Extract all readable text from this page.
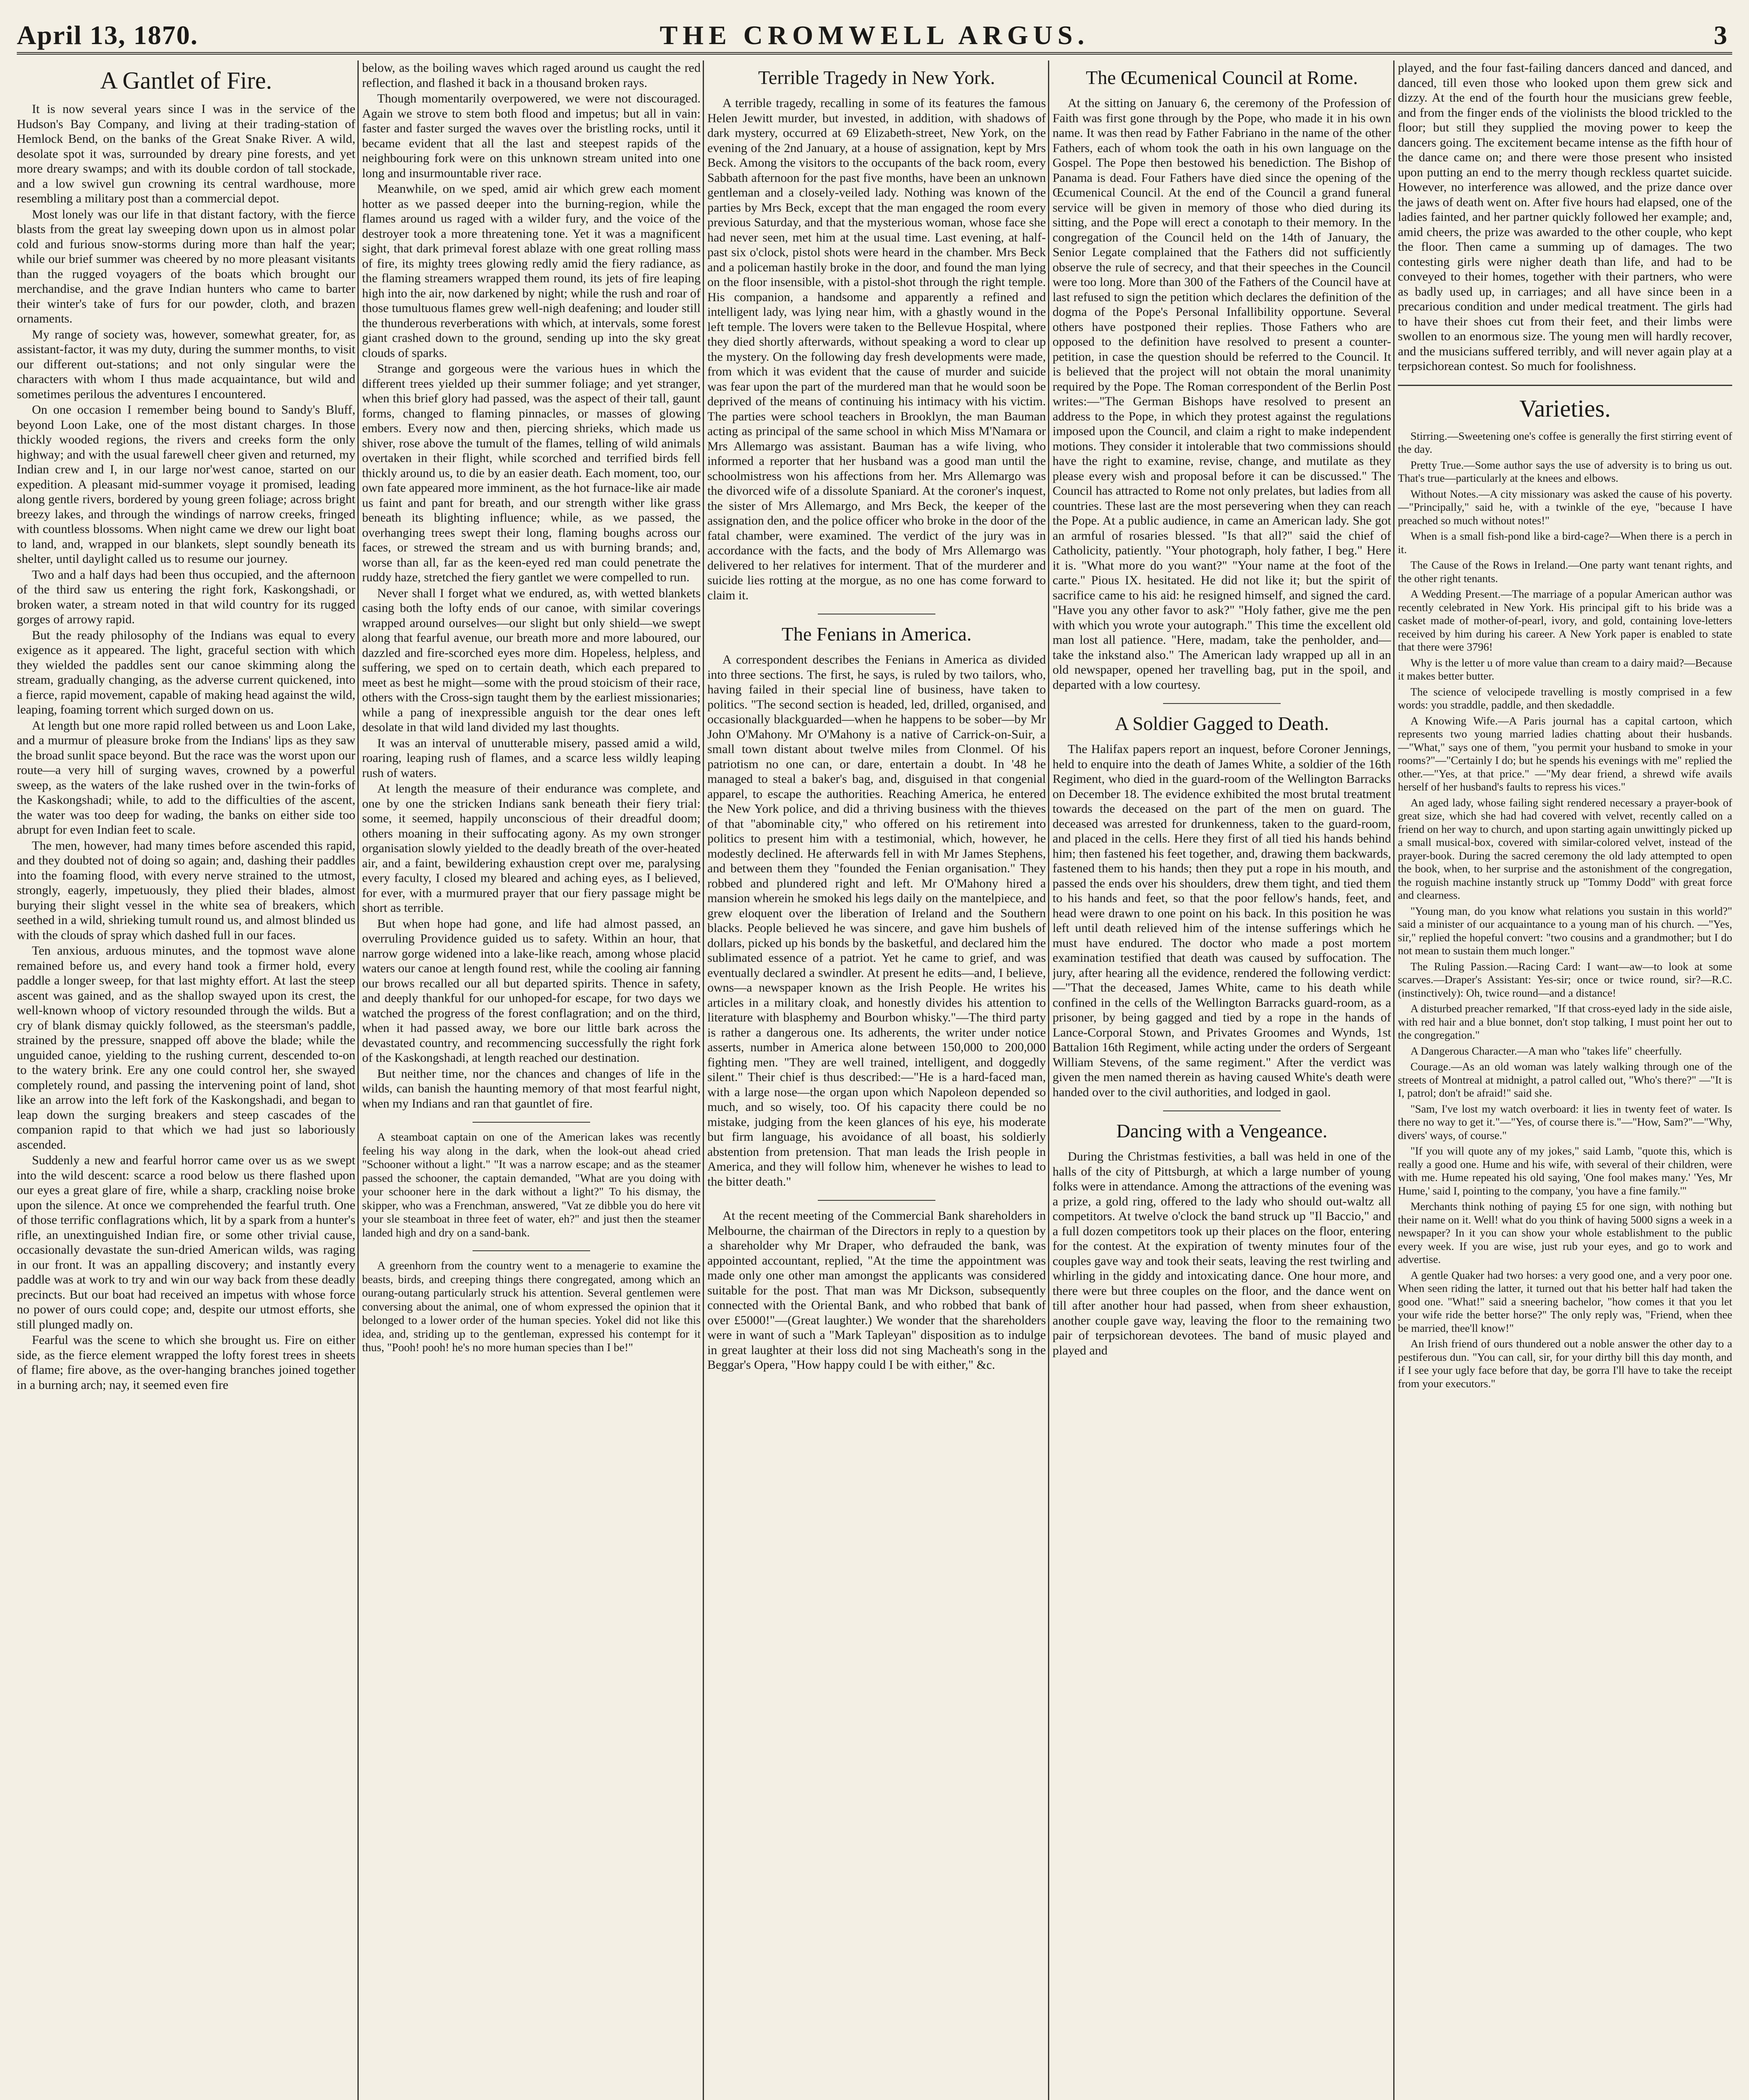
THE CROMWELL ARGUS.
April 13, 1870.	3
A Gantlet of Fire.

It is now several years since I was in the service of the Hudson's Bay Company, and living at their trading-station of Hemlock Bend, on the banks of the Great Snake River. A wild, desolate spot it was, surrounded by dreary pine forests, and yet more dreary swamps; and with its double cordon of tall stockade, and a low swivel gun crowning its central wardhouse, more resembling a military post than a commercial depot.

Most lonely was our life in that distant factory, with the fierce blasts from the great lay sweeping down upon us in almost polar cold and furious snow-storms during more than half the year; while our brief summer was cheered by no more pleasant visitants than the rugged voyagers of the boats which brought our merchandise, and the grave Indian hunters who came to barter their winter's take of furs for our powder, cloth, and brazen ornaments.

My range of society was, however, somewhat greater, for, as assistant-factor, it was my duty, during the summer months, to visit our different out-stations; and not only singular were the characters with whom I thus made acquaintance, but wild and sometimes perilous the adventures I encountered.

On one occasion I remember being bound to Sandy's Bluff, beyond Loon Lake, one of the most distant charges. In those thickly wooded regions, the rivers and creeks form the only highway; and with the usual farewell cheer given and returned, my Indian crew and I, in our large nor'west canoe, started on our expedition. A pleasant mid-summer voyage it promised, leading along gentle rivers, bordered by young green foliage; across bright breezy lakes, and through the windings of narrow creeks, fringed with countless blossoms. When night came we drew our light boat to land, and, wrapped in our blankets, slept soundly beneath its shelter, until daylight called us to resume our journey.

Two and a half days had been thus occupied, and the afternoon of the third saw us entering the right fork, Kaskongshadi, or broken water, a stream noted in that wild country for its rugged gorges of arrowy rapid.

But the ready philosophy of the Indians was equal to every exigence as it appeared. The light, graceful section with which they wielded the paddles sent our canoe skimming along the stream, gradually changing, as the adverse current quickened, into a fierce, rapid movement, capable of making head against the wild, leaping, foaming torrent which surged down on us.

At length but one more rapid rolled between us and Loon Lake, and a murmur of pleasure broke from the Indians' lips as they saw the broad sunlit space beyond. But the race was the worst upon our route—a very hill of surging waves, crowned by a powerful sweep, as the waters of the lake rushed over in the twin-forks of the Kaskongshadi; while, to add to the difficulties of the ascent, the water was too deep for wading, the banks on either side too abrupt for even Indian feet to scale.

The men, however, had many times before ascended this rapid, and they doubted not of doing so again; and, dashing their paddles into the foaming flood, with every nerve strained to the utmost, strongly, eagerly, impetuously, they plied their blades, almost burying their slight vessel in the white sea of breakers, which seethed in a wild, shrieking tumult round us, and almost blinded us with the clouds of spray which dashed full in our faces.

Ten anxious, arduous minutes, and the topmost wave alone remained before us, and every hand took a firmer hold, every paddle a longer sweep, for that last mighty effort. At last the steep ascent was gained, and as the shallop swayed upon its crest, the well-known whoop of victory resounded through the wilds. But a cry of blank dismay quickly followed, as the steersman's paddle, strained by the pressure, snapped off above the blade; while the unguided canoe, yielding to the rushing current, descended to-on to the watery brink. Ere any one could control her, she swayed completely round, and passing the intervening point of land, shot like an arrow into the left fork of the Kaskongshadi, and began to leap down the surging breakers and steep cascades of the companion rapid to that which we had just so laboriously ascended.

Suddenly a new and fearful horror came over us as we swept into the wild descent: scarce a rood below us there flashed upon our eyes a great glare of fire, while a sharp, crackling noise broke upon the silence. At once we comprehended the fearful truth. One of those terrific conflagrations which, lit by a spark from a hunter's rifle, an unextinguished Indian fire, or some other trivial cause, occasionally devastate the sun-dried American wilds, was raging in our front. It was an appalling discovery; and instantly every paddle was at work to try and win our way back from these deadly precincts. But our boat had received an impetus with whose force no power of ours could cope; and, despite our utmost efforts, she still plunged madly on.

Fearful was the scene to which she brought us. Fire on either side, as the fierce element wrapped the lofty forest trees in sheets of flame; fire above, as the over-hanging branches joined together in a burning arch; nay, it seemed even fire

below, as the boiling waves which raged around us caught the red reflection, and flashed it back in a thousand broken rays.

Though momentarily overpowered, we were not discouraged. Again we strove to stem both flood and impetus; but all in vain: faster and faster surged the waves over the bristling rocks, until it became evident that all the last and steepest rapids of the neighbouring fork were on this unknown stream united into one long and insurmountable river race.

Meanwhile, on we sped, amid air which grew each moment hotter as we passed deeper into the burning-region, while the flames around us raged with a wilder fury, and the voice of the destroyer took a more threatening tone. Yet it was a magnificent sight, that dark primeval forest ablaze with one great rolling mass of fire, its mighty trees glowing redly amid the fiery radiance, as the flaming streamers wrapped them round, its jets of fire leaping high into the air, now darkened by night; while the rush and roar of those tumultuous flames grew well-nigh deafening; and louder still the thunderous reverberations with which, at intervals, some forest giant crashed down to the ground, sending up into the sky great clouds of sparks.

Strange and gorgeous were the various hues in which the different trees yielded up their summer foliage; and yet stranger, when this brief glory had passed, was the aspect of their tall, gaunt forms, changed to flaming pinnacles, or masses of glowing embers. Every now and then, piercing shrieks, which made us shiver, rose above the tumult of the flames, telling of wild animals overtaken in their flight, while scorched and terrified birds fell thickly around us, to die by an easier death. Each moment, too, our own fate appeared more imminent, as the hot furnace-like air made us faint and pant for breath, and our strength wither like grass beneath its blighting influence; while, as we passed, the overhanging trees swept their long, flaming boughs across our faces, or strewed the stream and us with burning brands; and, worse than all, far as the keen-eyed red man could penetrate the ruddy haze, stretched the fiery gantlet we were compelled to run.

Never shall I forget what we endured, as, with wetted blankets casing both the lofty ends of our canoe, with similar coverings wrapped around ourselves—our slight but only shield—we swept along that fearful avenue, our breath more and more laboured, our dazzled and fire-scorched eyes more dim. Hopeless, helpless, and suffering, we sped on to certain death, which each prepared to meet as best he might—some with the proud stoicism of their race, others with the Cross-sign taught them by the earliest missionaries; while a pang of inexpressible anguish tor the dear ones left desolate in that wild land divided my last thoughts.

It was an interval of unutterable misery, passed amid a wild, roaring, leaping rush of flames, and a scarce less wildly leaping rush of waters.

At length the measure of their endurance was complete, and one by one the stricken Indians sank beneath their fiery trial: some, it seemed, happily unconscious of their dreadful doom; others moaning in their suffocating agony. As my own stronger organisation slowly yielded to the deadly breath of the over-heated air, and a faint, bewildering exhaustion crept over me, paralysing every faculty, I closed my bleared and aching eyes, as I believed, for ever, with a murmured prayer that our fiery passage might be short as terrible.

But when hope had gone, and life had almost passed, an overruling Providence guided us to safety. Within an hour, that narrow gorge widened into a lake-like reach, among whose placid waters our canoe at length found rest, while the cooling air fanning our brows recalled our all but departed spirits. Thence in safety, and deeply thankful for our unhoped-for escape, for two days we watched the progress of the forest conflagration; and on the third, when it had passed away, we bore our little bark across the devastated country, and recommencing successfully the right fork of the Kaskongshadi, at length reached our destination.

But neither time, nor the chances and changes of life in the wilds, can banish the haunting memory of that most fearful night, when my Indians and ran that gauntlet of fire.

A steamboat captain on one of the American lakes was recently feeling his way along in the dark, when the look-out ahead cried "Schooner without a light." "It was a narrow escape; and as the steamer passed the schooner, the captain demanded, "What are you doing with your schooner here in the dark without a light?" To his dismay, the skipper, who was a Frenchman, answered, "Vat ze dibble you do here vit your sle steamboat in three feet of water, eh?" and just then the steamer landed high and dry on a sand-bank.

A greenhorn from the country went to a menagerie to examine the beasts, birds, and creeping things there congregated, among which an ourang-outang particularly struck his attention. Several gentlemen were conversing about the animal, one of whom expressed the opinion that it belonged to a lower order of the human species. Yokel did not like this idea, and, striding up to the gentleman, expressed his contempt for it thus, "Pooh! pooh! he's no more human species than I be!"

Terrible Tragedy in New York.

A terrible tragedy, recalling in some of its features the famous Helen Jewitt murder, but invested, in addition, with shadows of dark mystery, occurred at 69 Elizabeth-street, New York, on the evening of the 2nd January, at a house of assignation, kept by Mrs Beck. Among the visitors to the occupants of the back room, every Sabbath afternoon for the past five months, have been an unknown gentleman and a closely-veiled lady. Nothing was known of the parties by Mrs Beck, except that the man engaged the room every previous Saturday, and that the mysterious woman, whose face she had never seen, met him at the usual time. Last evening, at half-past six o'clock, pistol shots were heard in the chamber. Mrs Beck and a policeman hastily broke in the door, and found the man lying on the floor insensible, with a pistol-shot through the right temple. His companion, a handsome and apparently a refined and intelligent lady, was lying near him, with a ghastly wound in the left temple. The lovers were taken to the Bellevue Hospital, where they died shortly afterwards, without speaking a word to clear up the mystery. On the following day fresh developments were made, from which it was evident that the cause of murder and suicide was fear upon the part of the murdered man that he would soon be deprived of the means of continuing his intimacy with his victim. The parties were school teachers in Brooklyn, the man Bauman acting as principal of the same school in which Miss M'Namara or Mrs Allemargo was assistant. Bauman has a wife living, who informed a reporter that her husband was a good man until the schoolmistress won his affections from her. Mrs Allemargo was the divorced wife of a dissolute Spaniard. At the coroner's inquest, the sister of Mrs Allemargo, and Mrs Beck, the keeper of the assignation den, and the police officer who broke in the door of the fatal chamber, were examined. The verdict of the jury was in accordance with the facts, and the body of Mrs Allemargo was delivered to her relatives for interment. That of the murderer and suicide lies rotting at the morgue, as no one has come forward to claim it.

The Fenians in America.

A correspondent describes the Fenians in America as divided into three sections. The first, he says, is ruled by two tailors, who, having failed in their special line of business, have taken to politics. "The second section is headed, led, drilled, organised, and occasionally blackguarded—when he happens to be sober—by Mr John O'Mahony. Mr O'Mahony is a native of Carrick-on-Suir, a small town distant about twelve miles from Clonmel. Of his patriotism no one can, or dare, entertain a doubt. In '48 he managed to steal a baker's bag, and, disguised in that congenial apparel, to escape the authorities. Reaching America, he entered the New York police, and did a thriving business with the thieves of that "abominable city," who offered on his retirement into politics to present him with a testimonial, which, however, he modestly declined. He afterwards fell in with Mr James Stephens, and between them they "founded the Fenian organisation." They robbed and plundered right and left. Mr O'Mahony hired a mansion wherein he smoked his legs daily on the mantelpiece, and grew eloquent over the liberation of Ireland and the Southern blacks. People believed he was sincere, and gave him bushels of dollars, picked up his bonds by the basketful, and declared him the sublimated essence of a patriot. Yet he came to grief, and was eventually declared a swindler. At present he edits—and, I believe, owns—a newspaper known as the Irish People. He writes his articles in a military cloak, and honestly divides his attention to literature with blasphemy and Bourbon whisky."—The third party is rather a dangerous one. Its adherents, the writer under notice asserts, number in America alone between 150,000 to 200,000 fighting men. "They are well trained, intelligent, and doggedly silent." Their chief is thus described:—"He is a hard-faced man, with a large nose—the organ upon which Napoleon depended so much, and so wisely, too. Of his capacity there could be no mistake, judging from the keen glances of his eye, his moderate but firm language, his avoidance of all boast, his soldierly abstention from pretension. That man leads the Irish people in America, and they will follow him, whenever he wishes to lead to the bitter death."

At the recent meeting of the Commercial Bank shareholders in Melbourne, the chairman of the Directors in reply to a question by a shareholder why Mr Draper, who defrauded the bank, was appointed accountant, replied, "At the time the appointment was made only one other man amongst the applicants was considered suitable for the post. That man was Mr Dickson, subsequently connected with the Oriental Bank, and who robbed that bank of over £5000!"—(Great laughter.) We wonder that the shareholders were in want of such a "Mark Tapleyan" disposition as to indulge in great laughter at their loss did not sing Macheath's song in the Beggar's Opera, "How happy could I be with either," &c.

The Œcumenical Council at Rome.

At the sitting on January 6, the ceremony of the Profession of Faith was first gone through by the Pope, who made it in his own name. It was then read by Father Fabriano in the name of the other Fathers, each of whom took the oath in his own language on the Gospel. The Pope then bestowed his benediction. The Bishop of Panama is dead. Four Fathers have died since the opening of the Œcumenical Council. At the end of the Council a grand funeral service will be given in memory of those who died during its sitting, and the Pope will erect a conotaph to their memory. In the congregation of the Council held on the 14th of January, the Senior Legate complained that the Fathers did not sufficiently observe the rule of secrecy, and that their speeches in the Council were too long. More than 300 of the Fathers of the Council have at last refused to sign the petition which declares the definition of the dogma of the Pope's Personal Infallibility opportune. Several others have postponed their replies. Those Fathers who are opposed to the definition have resolved to present a counter-petition, in case the question should be referred to the Council. It is believed that the project will not obtain the moral unanimity required by the Pope. The Roman correspondent of the Berlin Post writes:—"The German Bishops have resolved to present an address to the Pope, in which they protest against the regulations imposed upon the Council, and claim a right to make independent motions. They consider it intolerable that two commissions should have the right to examine, revise, change, and mutilate as they please every wish and proposal before it can be discussed." The Council has attracted to Rome not only prelates, but ladies from all countries. These last are the most persevering when they can reach the Pope. At a public audience, in came an American lady. She got an armful of rosaries blessed. "Is that all?" said the chief of Catholicity, patiently. "Your photograph, holy father, I beg." Here it is. "What more do you want?" "Your name at the foot of the carte." Pious IX. hesitated. He did not like it; but the spirit of sacrifice came to his aid: he resigned himself, and signed the card. "Have you any other favor to ask?" "Holy father, give me the pen with which you wrote your autograph." This time the excellent old man lost all patience. "Here, madam, take the penholder, and—take the inkstand also." The American lady wrapped up all in an old newspaper, opened her travelling bag, put in the spoil, and departed with a low courtesy.

A Soldier Gagged to Death.

The Halifax papers report an inquest, before Coroner Jennings, held to enquire into the death of James White, a soldier of the 16th Regiment, who died in the guard-room of the Wellington Barracks on December 18. The evidence exhibited the most brutal treatment towards the deceased on the part of the men on guard. The deceased was arrested for drunkenness, taken to the guard-room, and placed in the cells. Here they first of all tied his hands behind him; then fastened his feet together, and, drawing them backwards, fastened them to his hands; then they put a rope in his mouth, and passed the ends over his shoulders, drew them tight, and tied them to his hands and feet, so that the poor fellow's hands, feet, and head were drawn to one point on his back. In this position he was left until death relieved him of the intense sufferings which he must have endured. The doctor who made a post mortem examination testified that death was caused by suffocation. The jury, after hearing all the evidence, rendered the following verdict:—"That the deceased, James White, came to his death while confined in the cells of the Wellington Barracks guard-room, as a prisoner, by being gagged and tied by a rope in the hands of Lance-Corporal Stown, and Privates Groomes and Wynds, 1st Battalion 16th Regiment, while acting under the orders of Sergeant William Stevens, of the same regiment." After the verdict was given the men named therein as having caused White's death were handed over to the civil authorities, and lodged in gaol.

Dancing with a Vengeance.

During the Christmas festivities, a ball was held in one of the halls of the city of Pittsburgh, at which a large number of young folks were in attendance. Among the attractions of the evening was a prize, a gold ring, offered to the lady who should out-waltz all competitors. At twelve o'clock the band struck up "Il Baccio," and a full dozen competitors took up their places on the floor, entering for the contest. At the expiration of twenty minutes four of the couples gave way and took their seats, leaving the rest twirling and whirling in the giddy and intoxicating dance. One hour more, and there were but three couples on the floor, and the dance went on till after another hour had passed, when from sheer exhaustion, another couple gave way, leaving the floor to the remaining two pair of terpsichorean devotees. The band of music played and played and

played, and the four fast-failing dancers danced and danced, and danced, till even those who looked upon them grew sick and dizzy. At the end of the fourth hour the musicians grew feeble, and from the finger ends of the violinists the blood trickled to the floor; but still they supplied the moving power to keep the dancers going. The excitement became intense as the fifth hour of the dance came on; and there were those present who insisted upon putting an end to the merry though reckless quartet suicide. However, no interference was allowed, and the prize dance over the jaws of death went on. After five hours had elapsed, one of the ladies fainted, and her partner quickly followed her example; and, amid cheers, the prize was awarded to the other couple, who kept the floor. Then came a summing up of damages. The two contesting girls were nigher death than life, and had to be conveyed to their homes, together with their partners, who were as badly used up, in carriages; and all have since been in a precarious condition and under medical treatment. The girls had to have their shoes cut from their feet, and their limbs were swollen to an enormous size. The young men will hardly recover, and the musicians suffered terribly, and will never again play at a terpsichorean contest. So much for foolishness.

Varieties.

Stirring.—Sweetening one's coffee is generally the first stirring event of the day.

Pretty True.—Some author says the use of adversity is to bring us out. That's true—particularly at the knees and elbows.

Without Notes.—A city missionary was asked the cause of his poverty.—"Principally," said he, with a twinkle of the eye, "because I have preached so much without notes!"

When is a small fish-pond like a bird-cage?—When there is a perch in it.

The Cause of the Rows in Ireland.—One party want tenant rights, and the other right tenants.

A Wedding Present.—The marriage of a popular American author was recently celebrated in New York. His principal gift to his bride was a casket made of mother-of-pearl, ivory, and gold, containing love-letters received by him during his career. A New York paper is enabled to state that there were 3796!

Why is the letter u of more value than cream to a dairy maid?—Because it makes better butter.

The science of velocipede travelling is mostly comprised in a few words: you straddle, paddle, and then skedaddle.

A Knowing Wife.—A Paris journal has a capital cartoon, which represents two young married ladies chatting about their husbands. —"What," says one of them, "you permit your husband to smoke in your rooms?"—"Certainly I do; but he spends his evenings with me" replied the other.—"Yes, at that price." —"My dear friend, a shrewd wife avails herself of her husband's faults to repress his vices."

An aged lady, whose failing sight rendered necessary a prayer-book of great size, which she had had covered with velvet, recently called on a friend on her way to church, and upon starting again unwittingly picked up a small musical-box, covered with similar-colored velvet, instead of the prayer-book. During the sacred ceremony the old lady attempted to open the book, when, to her surprise and the astonishment of the congregation, the roguish machine instantly struck up "Tommy Dodd" with great force and clearness.

"Young man, do you know what relations you sustain in this world?" said a minister of our acquaintance to a young man of his church. —"Yes, sir," replied the hopeful convert: "two cousins and a grandmother; but I do not mean to sustain them much longer."

The Ruling Passion.—Racing Card: I want—aw—to look at some scarves.—Draper's Assistant: Yes-sir; once or twice round, sir?—R.C. (instinctively): Oh, twice round—and a distance!

A disturbed preacher remarked, "If that cross-eyed lady in the side aisle, with red hair and a blue bonnet, don't stop talking, I must point her out to the congregation."

A Dangerous Character.—A man who "takes life" cheerfully.

Courage.—As an old woman was lately walking through one of the streets of Montreal at midnight, a patrol called out, "Who's there?" —"It is I, patrol; don't be afraid!" said she.

"Sam, I've lost my watch overboard: it lies in twenty feet of water. Is there no way to get it."—"Yes, of course there is."—"How, Sam?"—"Why, divers' ways, of course."

"If you will quote any of my jokes," said Lamb, "quote this, which is really a good one. Hume and his wife, with several of their children, were with me. Hume repeated his old saying, 'One fool makes many.' 'Yes, Mr Hume,' said I, pointing to the company, 'you have a fine family.'"

Merchants think nothing of paying £5 for one sign, with nothing but their name on it. Well! what do you think of having 5000 signs a week in a newspaper? In it you can show your whole establishment to the public every week. If you are wise, just rub your eyes, and go to work and advertise.

A gentle Quaker had two horses: a very good one, and a very poor one. When seen riding the latter, it turned out that his better half had taken the good one. "What!" said a sneering bachelor, "how comes it that you let your wife ride the better horse?" The only reply was, "Friend, when thee be married, thee'll know!"

An Irish friend of ours thundered out a noble answer the other day to a pestiferous dun. "You can call, sir, for your dirthy bill this day month, and if I see your ugly face before that day, be gorra I'll have to take the receipt from your executors."
